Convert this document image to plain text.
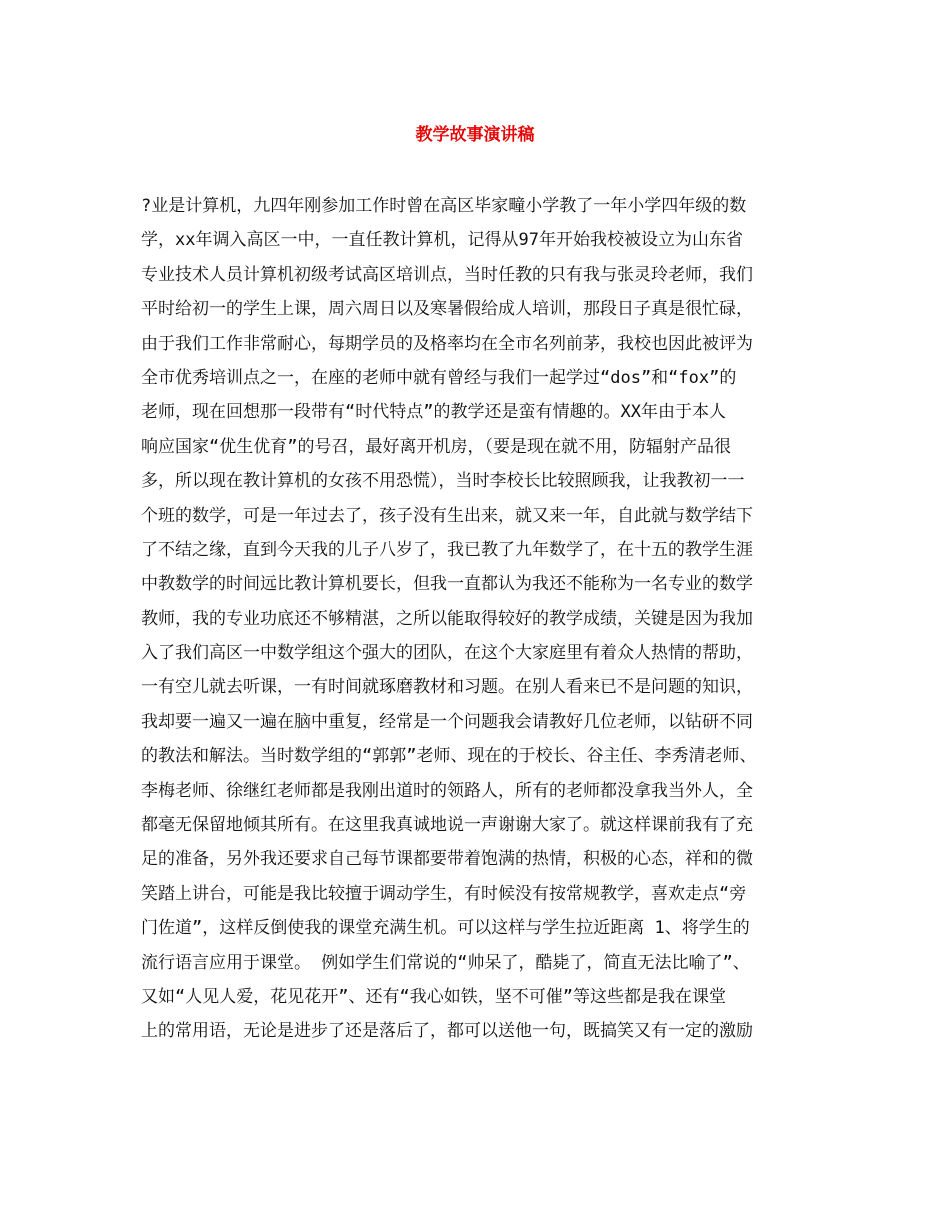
教学故事演讲稿
?业是计算机，九四年刚参加工作时曾在高区毕家疃小学教了一年小学四年级的数
学，xx年调入高区一中，一直任教计算机，记得从97年开始我校被设立为山东省
专业技术人员计算机初级考试高区培训点，当时任教的只有我与张灵玲老师，我们
平时给初一的学生上课，周六周日以及寒暑假给成人培训，那段日子真是很忙碌，
由于我们工作非常耐心，每期学员的及格率均在全市名列前茅，我校也因此被评为
全市优秀培训点之一，在座的老师中就有曾经与我们一起学过“dos”和“fox”的
老师，现在回想那一段带有“时代特点”的教学还是蛮有情趣的。XX年由于本人
响应国家“优生优育”的号召，最好离开机房，（要是现在就不用，防辐射产品很
多，所以现在教计算机的女孩不用恐慌），当时李校长比较照顾我，让我教初一一
个班的数学，可是一年过去了，孩子没有生出来，就又来一年，自此就与数学结下
了不结之缘，直到今天我的儿子八岁了，我已教了九年数学了，在十五的教学生涯
中教数学的时间远比教计算机要长，但我一直都认为我还不能称为一名专业的数学
教师，我的专业功底还不够精湛，之所以能取得较好的教学成绩，关键是因为我加
入了我们高区一中数学组这个强大的团队，在这个大家庭里有着众人热情的帮助，
一有空儿就去听课，一有时间就琢磨教材和习题。在别人看来已不是问题的知识，
我却要一遍又一遍在脑中重复，经常是一个问题我会请教好几位老师，以钻研不同
的教法和解法。当时数学组的“郭郭”老师、现在的于校长、谷主任、李秀清老师、
李梅老师、徐继红老师都是我刚出道时的领路人，所有的老师都没拿我当外人，全
都毫无保留地倾其所有。在这里我真诚地说一声谢谢大家了。就这样课前我有了充
足的准备，另外我还要求自己每节课都要带着饱满的热情，积极的心态，祥和的微
笑踏上讲台，可能是我比较擅于调动学生，有时候没有按常规教学，喜欢走点“旁
门佐道”，这样反倒使我的课堂充满生机。可以这样与学生拉近距离 1、将学生的
流行语言应用于课堂。 例如学生们常说的“帅呆了，酷毙了，简直无法比喻了”、
又如“人见人爱，花见花开”、还有“我心如铁，坚不可催”等这些都是我在课堂
上的常用语，无论是进步了还是落后了，都可以送他一句，既搞笑又有一定的激励
